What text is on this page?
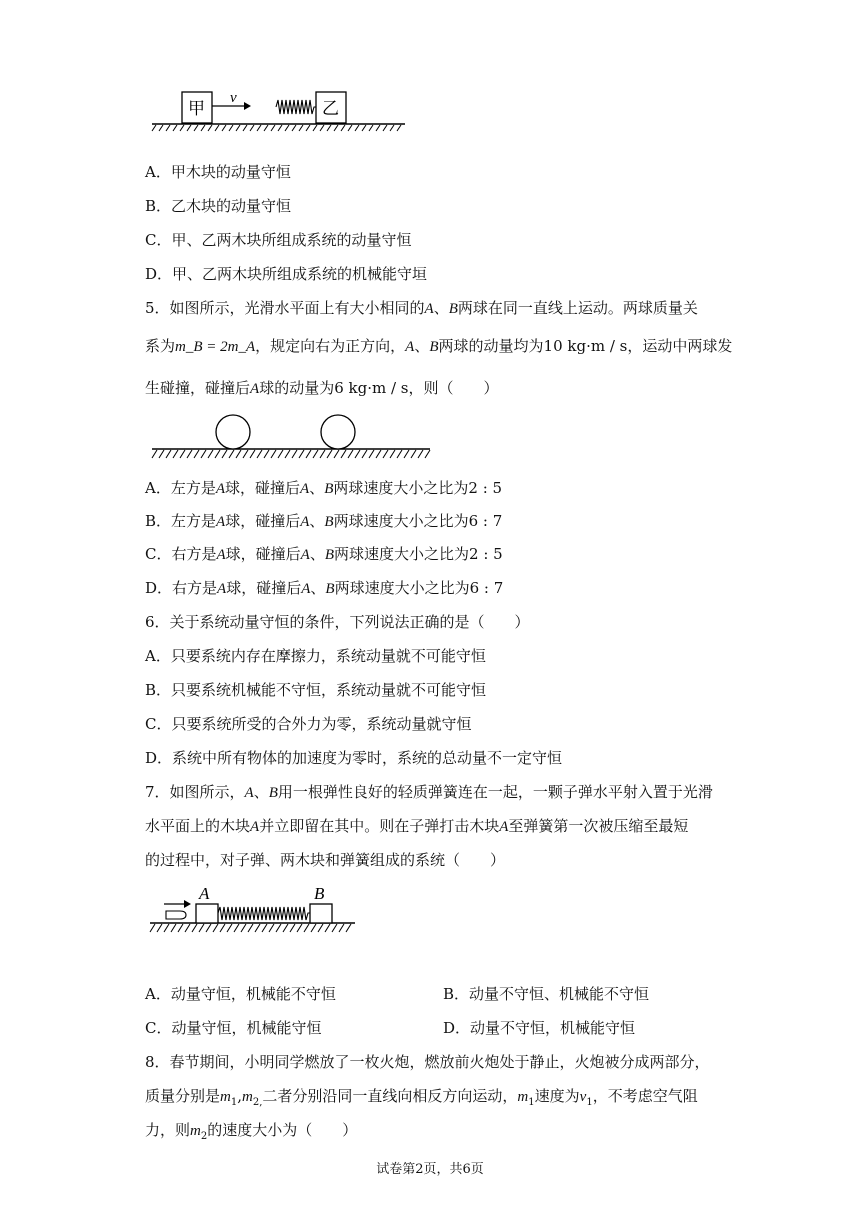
甲
v
乙
A．甲木块的动量守恒
B．乙木块的动量守恒
C．甲、乙两木块所组成系统的动量守恒
D．甲、乙两木块所组成系统的机械能守垣
5．如图所示，光滑水平面上有大小相同的A、B两球在同一直线上运动。两球质量关
系为m_B = 2m_A，规定向右为正方向，A、B两球的动量均为10 kg·m / s，运动中两球发
生碰撞，碰撞后A球的动量为6 kg·m / s，则（　　）
A．左方是A球，碰撞后A、B两球速度大小之比为2 : 5
B．左方是A球，碰撞后A、B两球速度大小之比为6 : 7
C．右方是A球，碰撞后A、B两球速度大小之比为2 : 5
D．右方是A球，碰撞后A、B两球速度大小之比为6 : 7
6．关于系统动量守恒的条件，下列说法正确的是（　　）
A．只要系统内存在摩擦力，系统动量就不可能守恒
B．只要系统机械能不守恒，系统动量就不可能守恒
C．只要系统所受的合外力为零，系统动量就守恒
D．系统中所有物体的加速度为零时，系统的总动量不一定守恒
7．如图所示，A、B用一根弹性良好的轻质弹簧连在一起，一颗子弹水平射入置于光滑
水平面上的木块A并立即留在其中。则在子弹打击木块A至弹簧第一次被压缩至最短
的过程中，对子弹、两木块和弹簧组成的系统（　　）
A	B
A．动量守恒，机械能不守恒	B．动量不守恒、机械能不守恒
C．动量守恒，机械能守恒	D．动量不守恒，机械能守恒
8．春节期间，小明同学燃放了一枚火炮，燃放前火炮处于静止，火炮被分成两部分，
质量分别是$m_1,m_{2,}$二者分别沿同一直线向相反方向运动，$m_1$速度为$v_1$，不考虑空气阻
力，则$m_2$的速度大小为（　　）
试卷第2页，共6页
